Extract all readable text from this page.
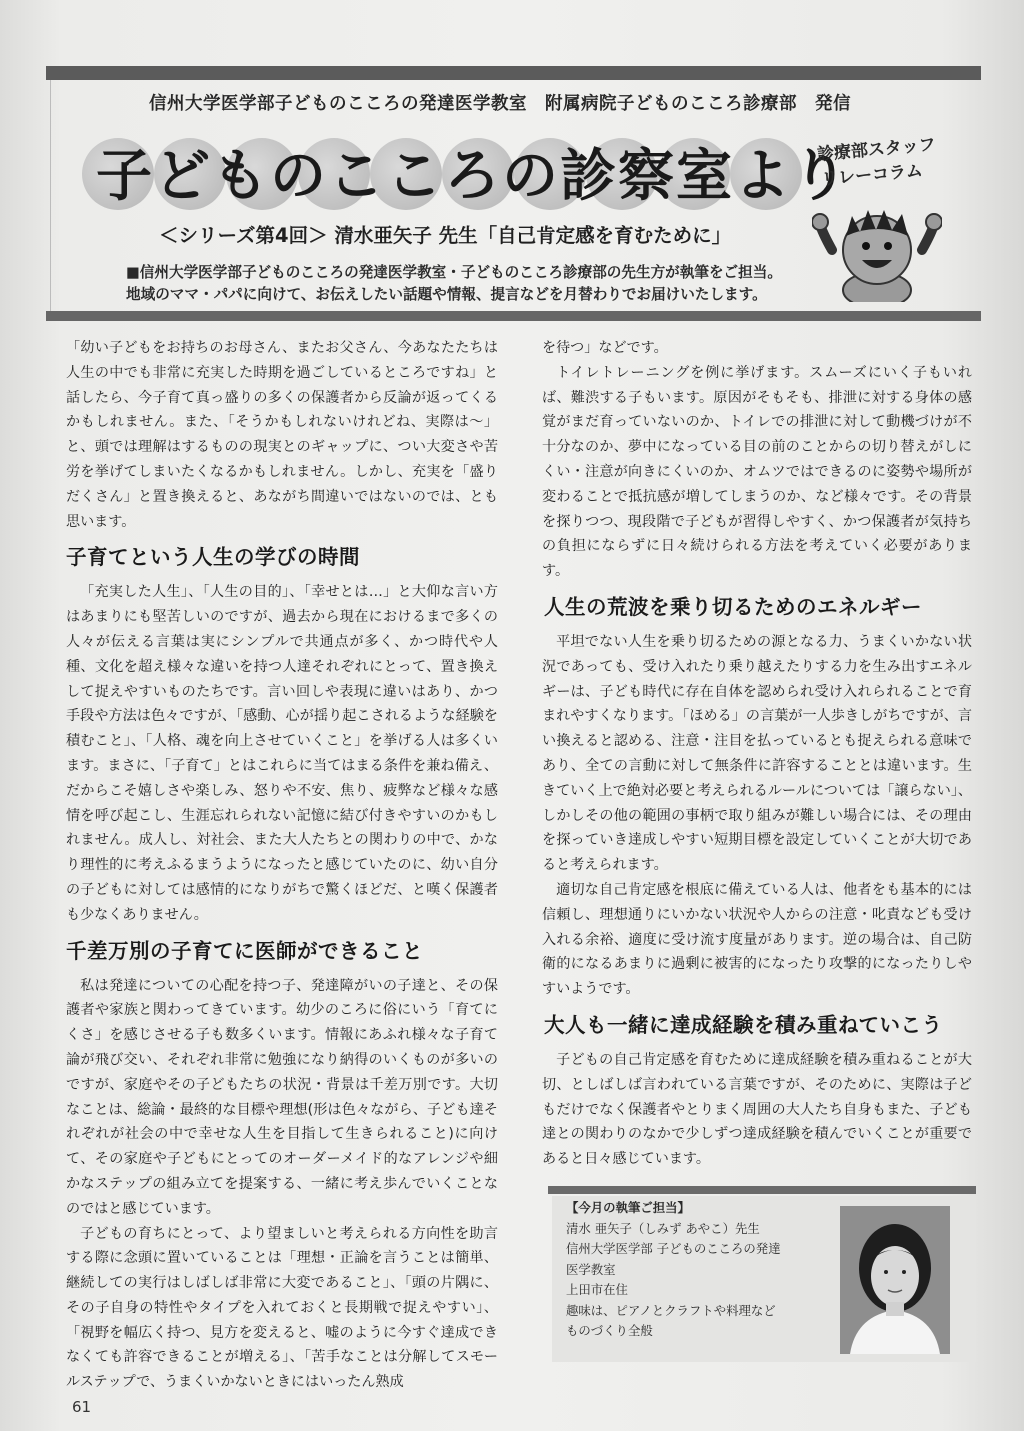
信州大学医学部子どものこころの発達医学教室　附属病院子どものこころ診療部　発信
子どものこころの診察室より
診療部スタッフ
リレーコラム
＜シリーズ第4回＞ 清水亜矢子 先生「自己肯定感を育むために」
■信州大学医学部子どものこころの発達医学教室・子どものこころ診療部の先生方が執筆をご担当。
地域のママ・パパに向けて、お伝えしたい話題や情報、提言などを月替わりでお届けいたします。

「幼い子どもをお持ちのお母さん、またお父さん、今あなたたちは人生の中でも非常に充実した時期を過ごしているところですね」と話したら、今子育て真っ盛りの多くの保護者から反論が返ってくるかもしれません。また、「そうかもしれないけれどね、実際は～」と、頭では理解はするものの現実とのギャップに、つい大変さや苦労を挙げてしまいたくなるかもしれません。しかし、充実を「盛りだくさん」と置き換えると、あながち間違いではないのでは、とも思います。

子育てという人生の学びの時間

「充実した人生」、「人生の目的」、「幸せとは…」と大仰な言い方はあまりにも堅苦しいのですが、過去から現在におけるまで多くの人々が伝える言葉は実にシンプルで共通点が多く、かつ時代や人種、文化を超え様々な違いを持つ人達それぞれにとって、置き換えして捉えやすいものたちです。言い回しや表現に違いはあり、かつ手段や方法は色々ですが、「感動、心が揺り起こされるような経験を積むこと」、「人格、魂を向上させていくこと」を挙げる人は多くいます。まさに、「子育て」とはこれらに当てはまる条件を兼ね備え、だからこそ嬉しさや楽しみ、怒りや不安、焦り、疲弊など様々な感情を呼び起こし、生涯忘れられない記憶に結び付きやすいのかもしれません。成人し、対社会、また大人たちとの関わりの中で、かなり理性的に考えふるまうようになったと感じていたのに、幼い自分の子どもに対しては感情的になりがちで驚くほどだ、と嘆く保護者も少なくありません。

千差万別の子育てに医師ができること

私は発達についての心配を持つ子、発達障がいの子達と、その保護者や家族と関わってきています。幼少のころに俗にいう「育てにくさ」を感じさせる子も数多くいます。情報にあふれ様々な子育て論が飛び交い、それぞれ非常に勉強になり納得のいくものが多いのですが、家庭やその子どもたちの状況・背景は千差万別です。大切なことは、総論・最終的な目標や理想(形は色々ながら、子ども達それぞれが社会の中で幸せな人生を目指して生きられること)に向けて、その家庭や子どもにとってのオーダーメイド的なアレンジや細かなステップの組み立てを提案する、一緒に考え歩んでいくことなのではと感じています。

子どもの育ちにとって、より望ましいと考えられる方向性を助言する際に念頭に置いていることは「理想・正論を言うことは簡単、継続しての実行はしばしば非常に大変であること」、「頭の片隅に、その子自身の特性やタイプを入れておくと長期戦で捉えやすい」、「視野を幅広く持つ、見方を変えると、嘘のように今すぐ達成できなくても許容できることが増える」、「苦手なことは分解してスモールステップで、うまくいかないときにはいったん熟成

を待つ」などです。

トイレトレーニングを例に挙げます。スムーズにいく子もいれば、難渋する子もいます。原因がそもそも、排泄に対する身体の感覚がまだ育っていないのか、トイレでの排泄に対して動機づけが不十分なのか、夢中になっている目の前のことからの切り替えがしにくい・注意が向きにくいのか、オムツではできるのに姿勢や場所が変わることで抵抗感が増してしまうのか、など様々です。その背景を探りつつ、現段階で子どもが習得しやすく、かつ保護者が気持ちの負担にならずに日々続けられる方法を考えていく必要があります。

人生の荒波を乗り切るためのエネルギー

平坦でない人生を乗り切るための源となる力、うまくいかない状況であっても、受け入れたり乗り越えたりする力を生み出すエネルギーは、子ども時代に存在自体を認められ受け入れられることで育まれやすくなります。「ほめる」の言葉が一人歩きしがちですが、言い換えると認める、注意・注目を払っているとも捉えられる意味であり、全ての言動に対して無条件に許容することとは違います。生きていく上で絶対必要と考えられるルールについては「譲らない」、しかしその他の範囲の事柄で取り組みが難しい場合には、その理由を探っていき達成しやすい短期目標を設定していくことが大切であると考えられます。

適切な自己肯定感を根底に備えている人は、他者をも基本的には信頼し、理想通りにいかない状況や人からの注意・叱責なども受け入れる余裕、適度に受け流す度量があります。逆の場合は、自己防衛的になるあまりに過剰に被害的になったり攻撃的になったりしやすいようです。

大人も一緒に達成経験を積み重ねていこう

子どもの自己肯定感を育むために達成経験を積み重ねることが大切、としばしば言われている言葉ですが、そのために、実際は子どもだけでなく保護者やとりまく周囲の大人たち自身もまた、子ども達との関わりのなかで少しずつ達成経験を積んでいくことが重要であると日々感じています。

【今月の執筆ご担当】
清水 亜矢子（しみず あやこ）先生
信州大学医学部 子どものこころの発達
医学教室
上田市在住
趣味は、ピアノとクラフトや料理など
ものづくり全般
61
